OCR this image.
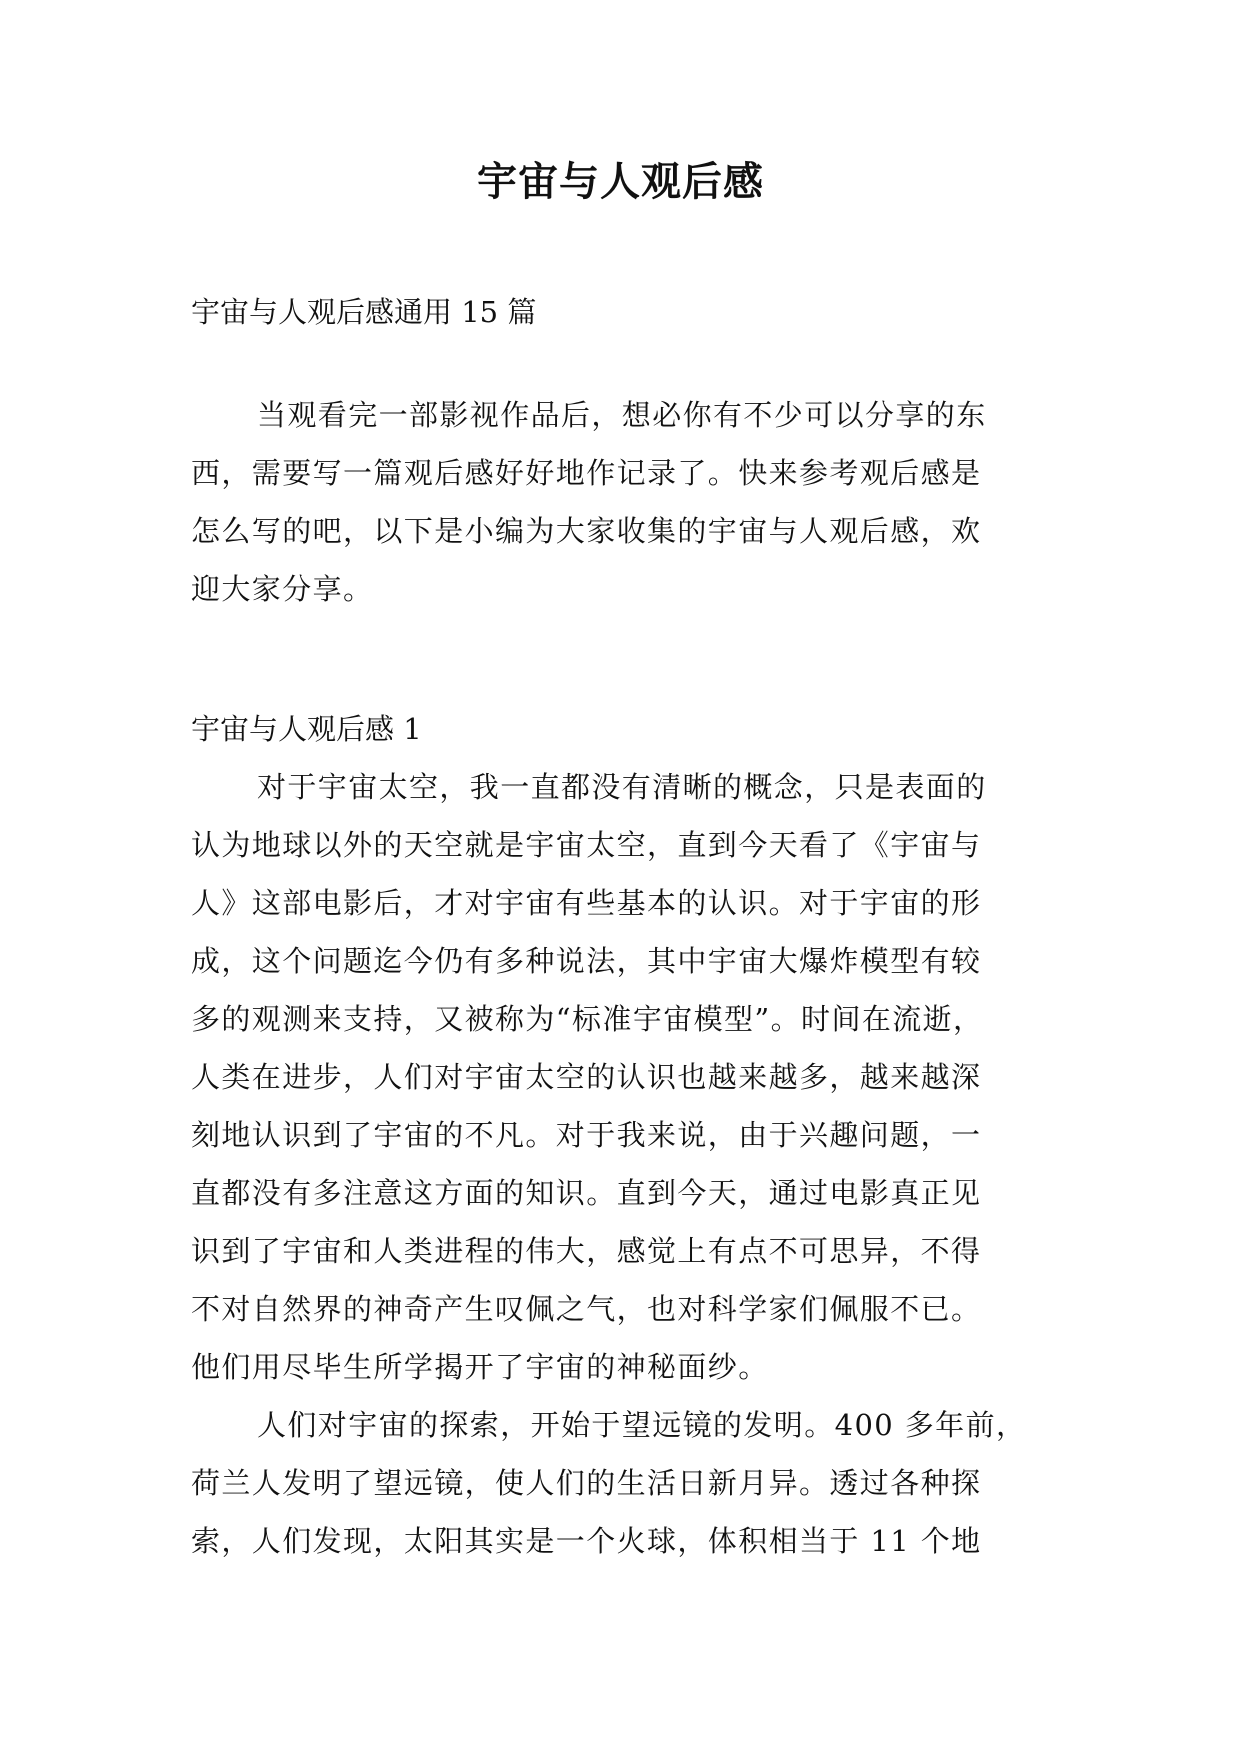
宇宙与人观后感
宇宙与人观后感通用 15 篇
当观看完一部影视作品后，想必你有不少可以分享的东
西，需要写一篇观后感好好地作记录了。快来参考观后感是
怎么写的吧，以下是小编为大家收集的宇宙与人观后感，欢
迎大家分享。
宇宙与人观后感 1
对于宇宙太空，我一直都没有清晰的概念，只是表面的
认为地球以外的天空就是宇宙太空，直到今天看了《宇宙与
人》这部电影后，才对宇宙有些基本的认识。对于宇宙的形
成，这个问题迄今仍有多种说法，其中宇宙大爆炸模型有较
多的观测来支持，又被称为“标准宇宙模型”。时间在流逝，
人类在进步，人们对宇宙太空的认识也越来越多，越来越深
刻地认识到了宇宙的不凡。对于我来说，由于兴趣问题，一
直都没有多注意这方面的知识。直到今天，通过电影真正见
识到了宇宙和人类进程的伟大，感觉上有点不可思异，不得
不对自然界的神奇产生叹佩之气，也对科学家们佩服不已。
他们用尽毕生所学揭开了宇宙的神秘面纱。
人们对宇宙的探索，开始于望远镜的发明。400 多年前，
荷兰人发明了望远镜，使人们的生活日新月异。透过各种探
索，人们发现，太阳其实是一个火球，体积相当于 11 个地
